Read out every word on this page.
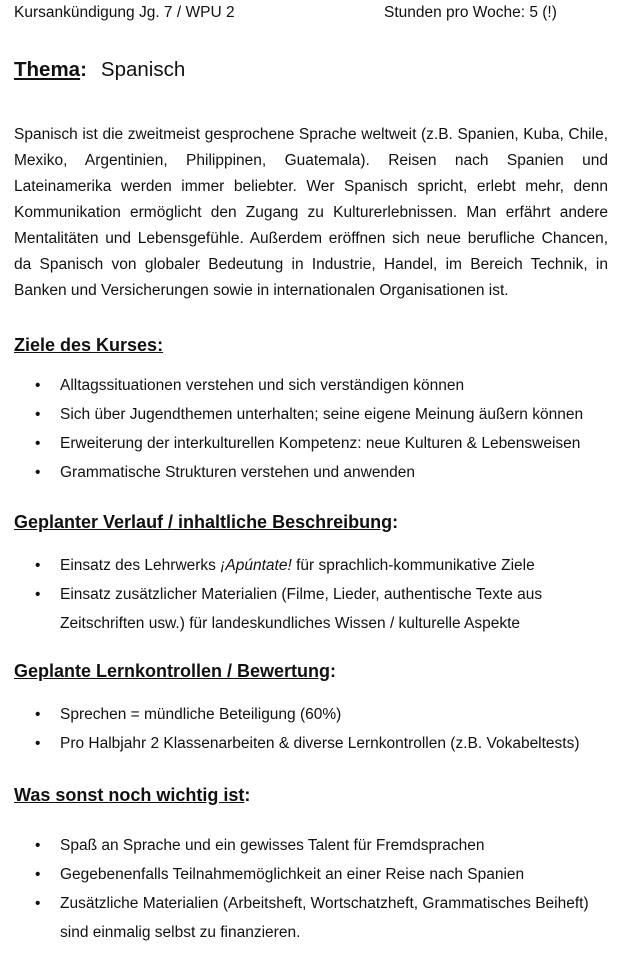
Kursankündigung Jg. 7 / WPU 2	Stunden pro Woche: 5 (!)
Thema: Spanisch

Spanisch ist die zweitmeist gesprochene Sprache weltweit (z.B. Spanien, Kuba, Chile, Mexiko, Argentinien, Philippinen, Guatemala). Reisen nach Spanien und Lateinamerika werden immer beliebter. Wer Spanisch spricht, erlebt mehr, denn Kommunikation ermöglicht den Zugang zu Kulturerlebnissen. Man erfährt andere Mentalitäten und Lebensgefühle. Außerdem eröffnen sich neue berufliche Chancen, da Spanisch von globaler Bedeutung in Industrie, Handel, im Bereich Technik, in Banken und Versicherungen sowie in internationalen Organisationen ist.

Ziele des Kurses:
• Alltagssituationen verstehen und sich verständigen können
• Sich über Jugendthemen unterhalten; seine eigene Meinung äußern können
• Erweiterung der interkulturellen Kompetenz: neue Kulturen & Lebensweisen
• Grammatische Strukturen verstehen und anwenden
Geplanter Verlauf / inhaltliche Beschreibung:
• Einsatz des Lehrwerks ¡Apúntate! für sprachlich-kommunikative Ziele
• Einsatz zusätzlicher Materialien (Filme, Lieder, authentische Texte aus
Zeitschriften usw.) für landeskundliches Wissen / kulturelle Aspekte
Geplante Lernkontrollen / Bewertung:
• Sprechen = mündliche Beteiligung (60%)
• Pro Halbjahr 2 Klassenarbeiten & diverse Lernkontrollen (z.B. Vokabeltests)
Was sonst noch wichtig ist:
• Spaß an Sprache und ein gewisses Talent für Fremdsprachen
• Gegebenenfalls Teilnahmemöglichkeit an einer Reise nach Spanien
• Zusätzliche Materialien (Arbeitsheft, Wortschatzheft, Grammatisches Beiheft)
sind einmalig selbst zu finanzieren.
